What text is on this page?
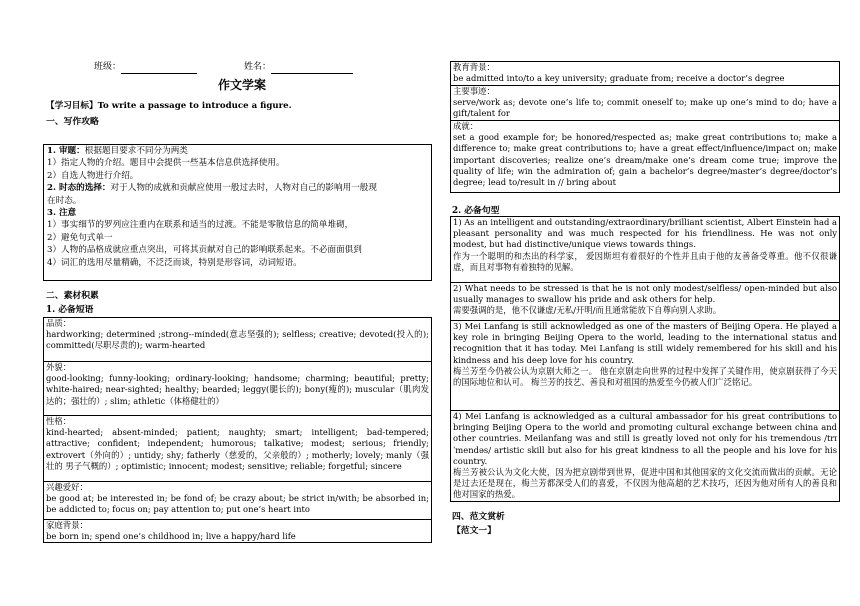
班级：	姓名：
作文学案
【学习目标】To write a passage to introduce a figure.
一、写作攻略
1. 审题：根据题目要求不同分为两类
1）指定人物的介绍。题目中会提供一些基本信息供选择使用。
2）自选人物进行介绍。
2. 时态的选择：对于人物的成就和贡献应使用一般过去时，人物对自己的影响用一般现
在时态。
3. 注意
1）事实细节的罗列应注重内在联系和适当的过渡。不能是零散信息的简单堆砌，
2）避免句式单一
3）人物的品格成就应重点突出，可将其贡献对自己的影响联系起来。不必面面俱到
4）词汇的选用尽量精确，不泛泛而谈，特别是形容词，动词短语。
二、素材积累
1. 必备短语
品质：
hardworking; determined ;strong--minded(意志坚强的); selfless; creative; devoted(投入的); committed(尽职尽责的); warm-hearted
外貌：
good-looking; funny-looking; ordinary-looking; handsome; charming; beautiful; pretty; white-haired; near-sighted; healthy; bearded; leggy(腿长的); bony(瘦的); muscular（肌肉发达的；强壮的）; slim; athletic（体格健壮的）
性格：
kind-hearted; absent-minded; patient; naughty; smart; intelligent; bad-tempered; attractive; confident; independent; humorous; talkative; modest; serious; friendly; extrovert（外向的）; untidy; shy; fatherly（慈爱的，父亲般的）; motherly; lovely; manly（强壮的 男子气概的）; optimistic; innocent; modest; sensitive; reliable; forgetful; sincere
兴趣爱好：
be good at; be interested in; be fond of; be crazy about; be strict in/with; be absorbed in; be addicted to; focus on; pay attention to; put one’s heart into
家庭背景：
be born in; spend one’s childhood in; live a happy/hard life
教育背景：
be admitted into/to a key university; graduate from; receive a doctor’s degree
主要事迹：
serve/work as; devote one’s life to; commit oneself to; make up one’s mind to do; have a gift/talent for
成就：
set a good example for; be honored/respected as; make great contributions to; make a difference to; make great contributions to; have a great effect/influence/impact on; make important discoveries; realize one’s dream/make one’s dream come true; improve the quality of life; win the admiration of; gain a bachelor’s degree/master’s degree/doctor’s degree; lead to/result in // bring about
2. 必备句型
1) As an intelligent and outstanding/extraordinary/brilliant scientist, Albert Einstein had a pleasant personality and was much respected for his friendliness. He was not only modest, but had distinctive/unique views towards things.
作为一个聪明的和杰出的科学家， 爱因斯坦有着很好的个性并且由于他的友善备受尊重。他不仅很谦虚，而且对事物有着独特的见解。
2) What needs to be stressed is that he is not only modest/selfless/ open-minded but also usually manages to swallow his pride and ask others for help.
需要强调的是，他不仅谦虚/无私/开明/而且通常能放下自尊向别人求助。
3) Mei Lanfang is still acknowledged as one of the masters of Beijing Opera. He played a key role in bringing Beijing Opera to the world, leading to the international status and recognition that it has today. Mei Lanfang is still widely remembered for his skill and his kindness and his deep love for his country.
梅兰芳至今仍被公认为京剧大师之一。 他在京剧走向世界的过程中发挥了关键作用，使京剧获得了今天的国际地位和认可。 梅兰芳的技艺、善良和对祖国的热爱至今仍被人们广泛铭记。
4) Mei Lanfang is acknowledged as a cultural ambassador for his great contributions to bringing Beijing Opera to the world and promoting cultural exchange between china and other countries. Meilanfang was and still is greatly loved not only for his tremendous /trɪˈmendəs/ artistic skill but also for his great kindness to all the people and his love for his country.
梅兰芳被公认为文化大使，因为把京剧带到世界，促进中国和其他国家的文化交流而做出的贡献。无论是过去还是现在，梅兰芳都深受人们的喜爱，不仅因为他高超的艺术技巧，还因为他对所有人的善良和他对国家的热爱。
四、范文赏析
【范文一】
